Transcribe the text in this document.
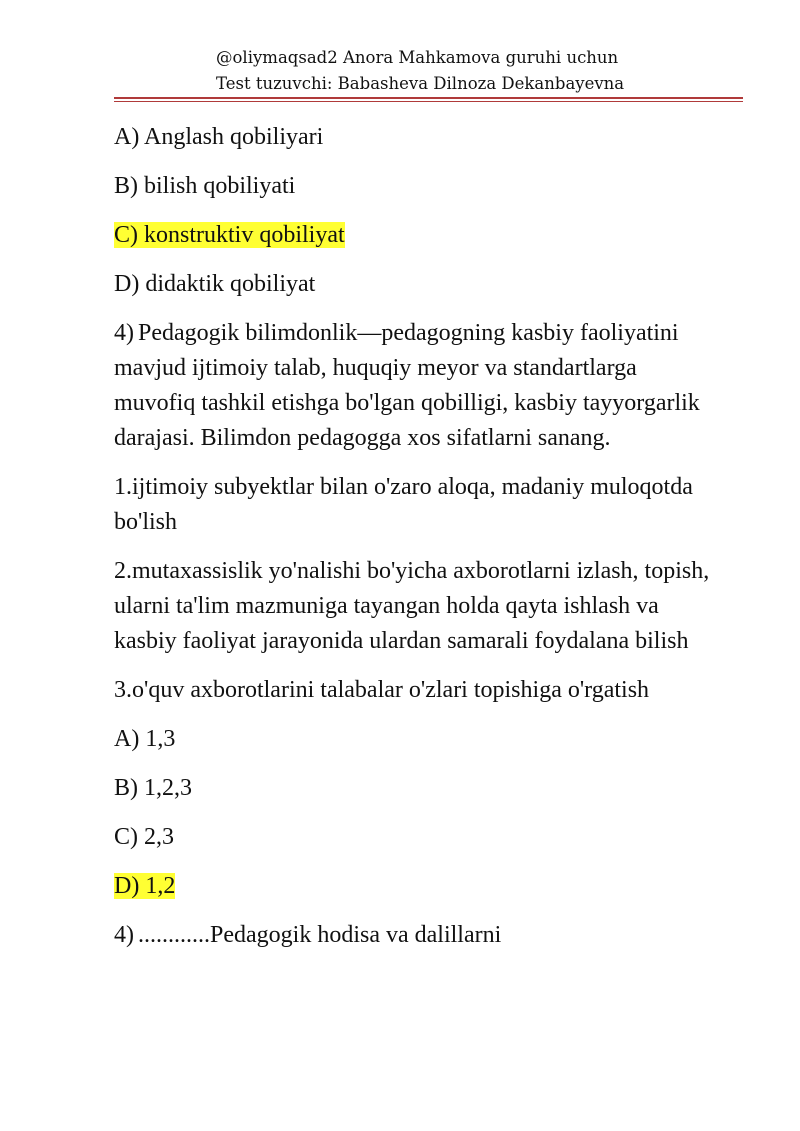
@oliymaqsad2 Anora Mahkamova guruhi uchun
Test tuzuvchi: Babasheva Dilnoza Dekanbayevna
A) Anglash qobiliyari
B) bilish qobiliyati
C) konstruktiv qobiliyat
D) didaktik qobiliyat
4) Pedagogik bilimdonlik—pedagogning kasbiy faoliyatini mavjud ijtimoiy talab, huquqiy meyor va standartlarga muvofiq tashkil etishga bo'lgan qobilligi, kasbiy tayyorgarlik darajasi. Bilimdon pedagogga xos sifatlarni sanang.
1.ijtimoiy subyektlar bilan o'zaro aloqa, madaniy muloqotda bo'lish
2.mutaxassislik yo'nalishi bo'yicha axborotlarni izlash, topish, ularni ta'lim mazmuniga tayangan holda qayta ishlash va kasbiy faoliyat jarayonida ulardan samarali foydalana bilish
3.o'quv axborotlarini talabalar o'zlari topishiga o'rgatish
A) 1,3
B) 1,2,3
C) 2,3
D) 1,2
4) ............Pedagogik hodisa va dalillarni
